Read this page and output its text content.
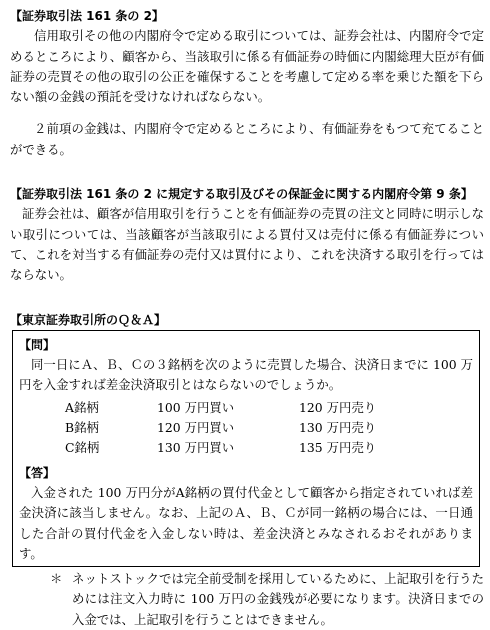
【証券取引法 161 条の 2】

信用取引その他の内閣府令で定める取引については、証券会社は、内閣府令で定めるところにより、顧客から、当該取引に係る有価証券の時価に内閣総理大臣が有価証券の売買その他の取引の公正を確保することを考慮して定める率を乗じた額を下らない額の金銭の預託を受けなければならない。

２前項の金銭は、内閣府令で定めるところにより、有価証券をもつて充てることができる。

【証券取引法 161 条の 2 に規定する取引及びその保証金に関する内閣府令第 9 条】

証券会社は、顧客が信用取引を行うことを有価証券の売買の注文と同時に明示しない取引については、当該顧客が当該取引による買付又は売付に係る有価証券について、これを対当する有価証券の売付又は買付により、これを決済する取引を行ってはならない。

【東京証券取引所のＱ＆Ａ】
【問】

同一日にＡ、Ｂ、Ｃの３銘柄を次のように売買した場合、決済日までに 100 万円を入金すれば差金決済取引とはならないのでしょうか。

A銘柄	100 万円買い	120 万円売り
B銘柄	120 万円買い	130 万円売り
C銘柄	130 万円買い	135 万円売り
【答】

入金された 100 万円分がA銘柄の買付代金として顧客から指定されていれば差金決済に該当しません。なお、上記のＡ、Ｂ、Ｃが同一銘柄の場合には、一日通した合計の買付代金を入金しない時は、差金決済とみなされるおそれがあります。

＊ ネットストックでは完全前受制を採用しているために、上記取引を行うためには注文入力時に 100 万円の金銭残が必要になります。決済日までの入金では、上記取引を行うことはできません。
